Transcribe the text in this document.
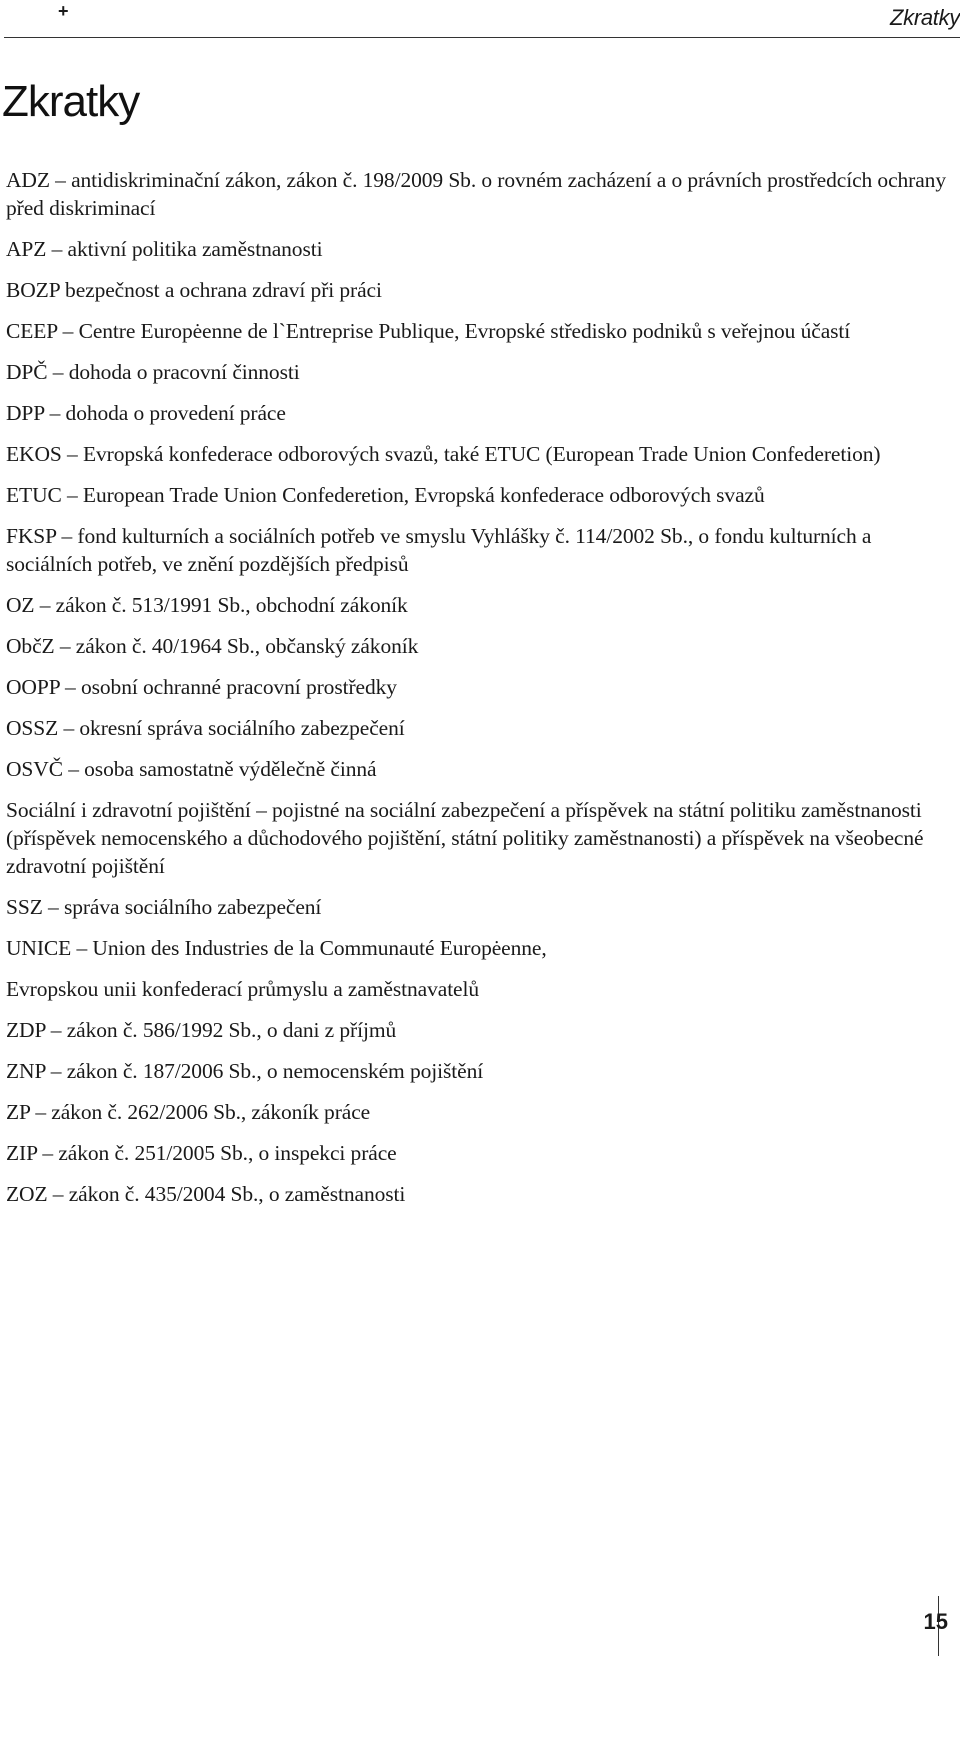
+	Zkratky
Zkratky

ADZ – antidiskriminační zákon, zákon č. 198/2009 Sb. o rovném zacházení a o právních prostředcích ochrany před diskriminací

APZ – aktivní politika zaměstnanosti

BOZP bezpečnost a ochrana zdraví při práci

CEEP – Centre Europėenne de l`Entreprise Publique, Evropské středisko podniků s veřejnou účastí

DPČ – dohoda o pracovní činnosti

DPP – dohoda o provedení práce

EKOS – Evropská konfederace odborových svazů, také ETUC (European Trade Union Confederetion)

ETUC – European Trade Union Confederetion, Evropská konfederace odborových svazů

FKSP – fond kulturních a sociálních potřeb ve smyslu Vyhlášky č. 114/2002 Sb., o fondu kulturních a sociálních potřeb, ve znění pozdějších předpisů

OZ – zákon č. 513/1991 Sb., obchodní zákoník

ObčZ – zákon č. 40/1964 Sb., občanský zákoník

OOPP – osobní ochranné pracovní prostředky

OSSZ – okresní správa sociálního zabezpečení

OSVČ – osoba samostatně výdělečně činná

Sociální i zdravotní pojištění – pojistné na sociální zabezpečení a příspěvek na státní politiku zaměstnanosti (příspěvek nemocenského a důchodového pojištění, státní politiky zaměstnanosti) a příspěvek na všeobecné zdravotní pojištění

SSZ – správa sociálního zabezpečení

UNICE – Union des Industries de la Communauté Europėenne,

Evropskou unii konfederací průmyslu a zaměstnavatelů

ZDP – zákon č. 586/1992 Sb., o dani z příjmů

ZNP – zákon č. 187/2006 Sb., o nemocenském pojištění

ZP – zákon č. 262/2006 Sb., zákoník práce

ZIP – zákon č. 251/2005 Sb., o inspekci práce

ZOZ – zákon č. 435/2004 Sb., o zaměstnanosti

15
